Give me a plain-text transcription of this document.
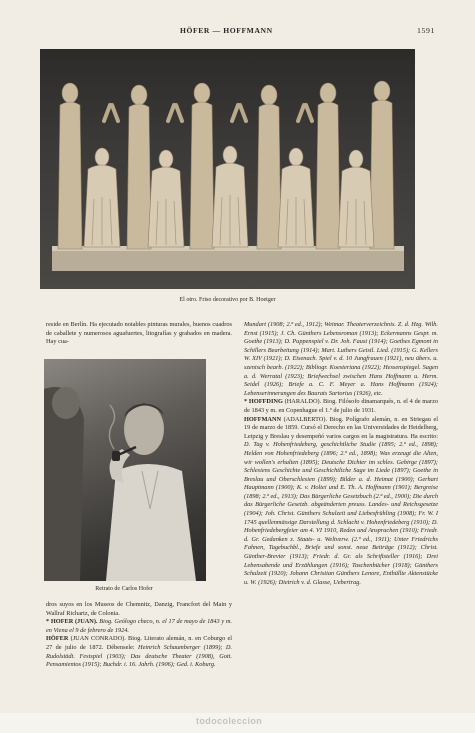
HÖFER — HOFFMANN	1591
El otro. Friso decorativo por B. Hoetger

reside en Berlín. Ha ejecutado notables pinturas murales, buenos cuadros de caballete y numerosos aguafuertes, litografías y grabados en madera. Hay cua-

Retrato de Carlos Hofer

dros suyos en los Museos de Chemnitz, Danzig, Francfort del Main y Wallraf Richartz, de Colonia.

* HOFER (JUAN). Biog. Geólogo checo, n. el 17 de mayo de 1843 y m. en Viena el 9 de febrero de 1924.

HÖFER (JUAN CONRADO). Biog. Literato alemán, n. en Coburgo el 27 de julio de 1872. Débensele: Heinrich Schaumberger (1899); D. Rudolstädt. Festspiel (1903); Das deutsche Theater (1908), Gott. Pensamientos (1915); Buchdr. i. 16. Jahrh. (1906); Ged. i. Koburg.

Mundart (1908; 2.ª ed., 1912); Weimar. Theaterverzeichnis. Z. d. Hzg. Wilh. Ernst (1915); J. Ch. Günthers Lebensroman (1913); Eckermanns Gespr. m. Goethe (1913); D. Puppenspiel v. Dr. Joh. Faust (1914); Goethes Egmont in Schillers Bearbeitung (1914); Mart. Luthers Geistl. Lied. (1915); G. Kellers W. XIV (1921); D. Eisenach. Spiel v. d. 10 Jungfrauen (1921), neu übers. u. szenisch bearb. (1922); Bibliogr. Koesteriana (1922); Hessenspiegel. Sagen a. d. Werratal (1923); Briefwechsel zwischen Hans Hoffmann u. Herm. Seidel (1926); Briefe a. C. F. Meyer a. Hans Hoffmann (1924); Lebenserinnerungen des Baurats Sartorius (1926), etc.

* HOFFDING (HARALDO). Biog. Filósofo dinamarqués, n. el 4 de marzo de 1843 y m. en Copenhague el 1.º de julio de 1931.

HOFFMANN (ADALBERTO). Biog. Polígrafo alemán, n. en Striegau el 19 de marzo de 1859. Cursó el Derecho en las Universidades de Heidelberg, Leipzig y Breslau y desempeñó varios cargos en la magistratura. Ha escrito: D. Tag v. Hohenfriedeberg, geschichtliche Studie (1895; 2.ª ed., 1898); Helden von Hohenfriedeberg (1896; 2.ª ed., 1898); Was erzeugt die Alten, wir wollen's erhalten (1895); Deutsche Dichter im schles. Gebirge (1897); Schlesiens Geschichte und Geschichtliche Sage im Liede (1897); Goethe in Breslau und Oberschlesien (1899); Bilder a. d. Heimat (1900); Gerhart Hauptmann (1900); K. v. Holtei und E. Th. A. Hoffmann (1901); Bergreise (1898; 2.ª ed., 1913); Das Bürgerliche Gesetzbuch (2.ª ed., 1900); Die durch das Bürgerliche Gesetzb. abgeänderten preuss. Landes- und Reichsgesetze (1904); Joh. Christ. Günthers Schulzeit und Liebesfrühling (1908); Fr. W. I 1745 quellenmässige Darstellung d. Schlacht v. Hohenfriedeberg (1910); D. Hohenfriedebergfeier am 4. VI 1910, Reden und Ansprachen (1910); Friedr. d. Gr. Gedanken z. Staats- u. Weltverw. (2.ª ed., 1911); Unter Friedrichs Fahnen, Tagebuchbl., Briefe und sonst. neue Beiträge (1912); Christ. Günther-Brevier (1913); Friedr. d. Gr. als Schriftsteller (1916); Drei Lebensabende und Erzählungen (1916); Taschenbücher (1918); Günthers Schulzeit (1920); Johann Christian Günthers Lenore, Enthüllte Aktenstücke u. W. (1926); Dietrich v. d. Glasse, Uebertrag.

todocoleccion
